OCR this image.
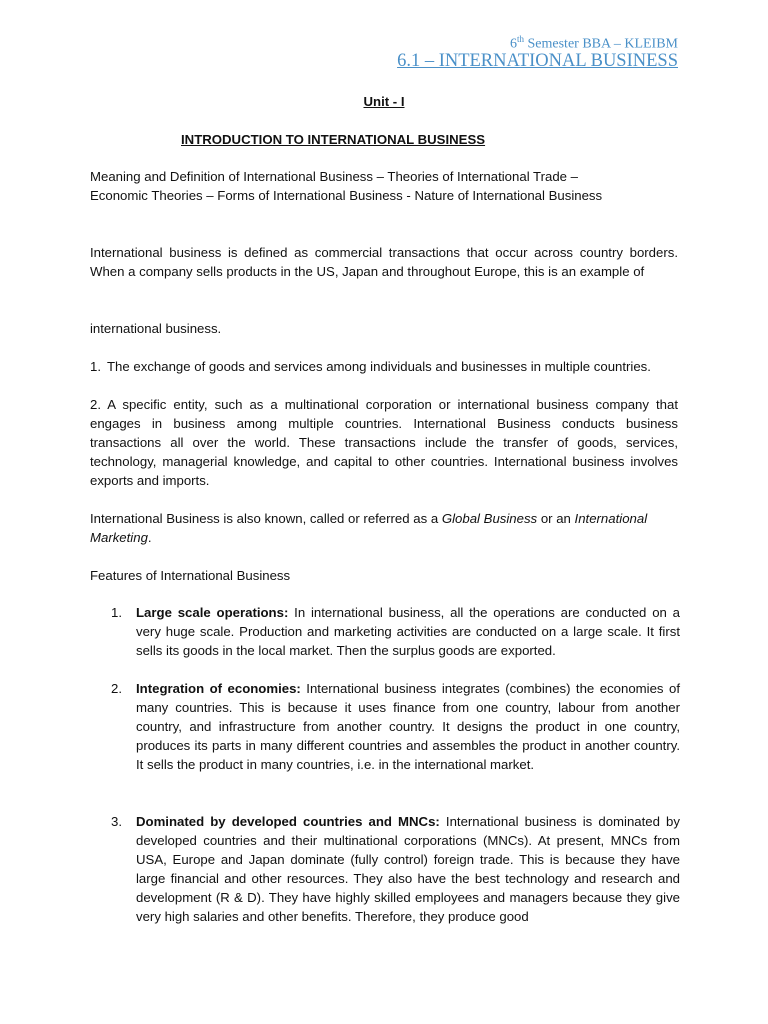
6th Semester BBA – KLEIBM
6.1 – INTERNATIONAL BUSINESS
Unit - I
INTRODUCTION TO INTERNATIONAL BUSINESS
Meaning and Definition of International Business – Theories of International Trade –
Economic Theories – Forms of International Business - Nature of International Business
International business is defined as commercial transactions that occur across country borders. When a company sells products in the US, Japan and throughout Europe, this is an example of
international business.
1. The exchange of goods and services among individuals and businesses in multiple countries.
2. A specific entity, such as a multinational corporation or international business company that engages in business among multiple countries. International Business conducts business transactions all over the world. These transactions include the transfer of goods, services, technology, managerial knowledge, and capital to other countries. International business involves exports and imports.
International Business is also known, called or referred as a Global Business or an International Marketing.
Features of International Business
1. Large scale operations: In international business, all the operations are conducted on a very huge scale. Production and marketing activities are conducted on a large scale. It first sells its goods in the local market. Then the surplus goods are exported.
2. Integration of economies: International business integrates (combines) the economies of many countries. This is because it uses finance from one country, labour from another country, and infrastructure from another country. It designs the product in one country, produces its parts in many different countries and assembles the product in another country. It sells the product in many countries, i.e. in the international market.
3. Dominated by developed countries and MNCs: International business is dominated by developed countries and their multinational corporations (MNCs). At present, MNCs from USA, Europe and Japan dominate (fully control) foreign trade. This is because they have large financial and other resources. They also have the best technology and research and development (R & D). They have highly skilled employees and managers because they give very high salaries and other benefits. Therefore, they produce good
